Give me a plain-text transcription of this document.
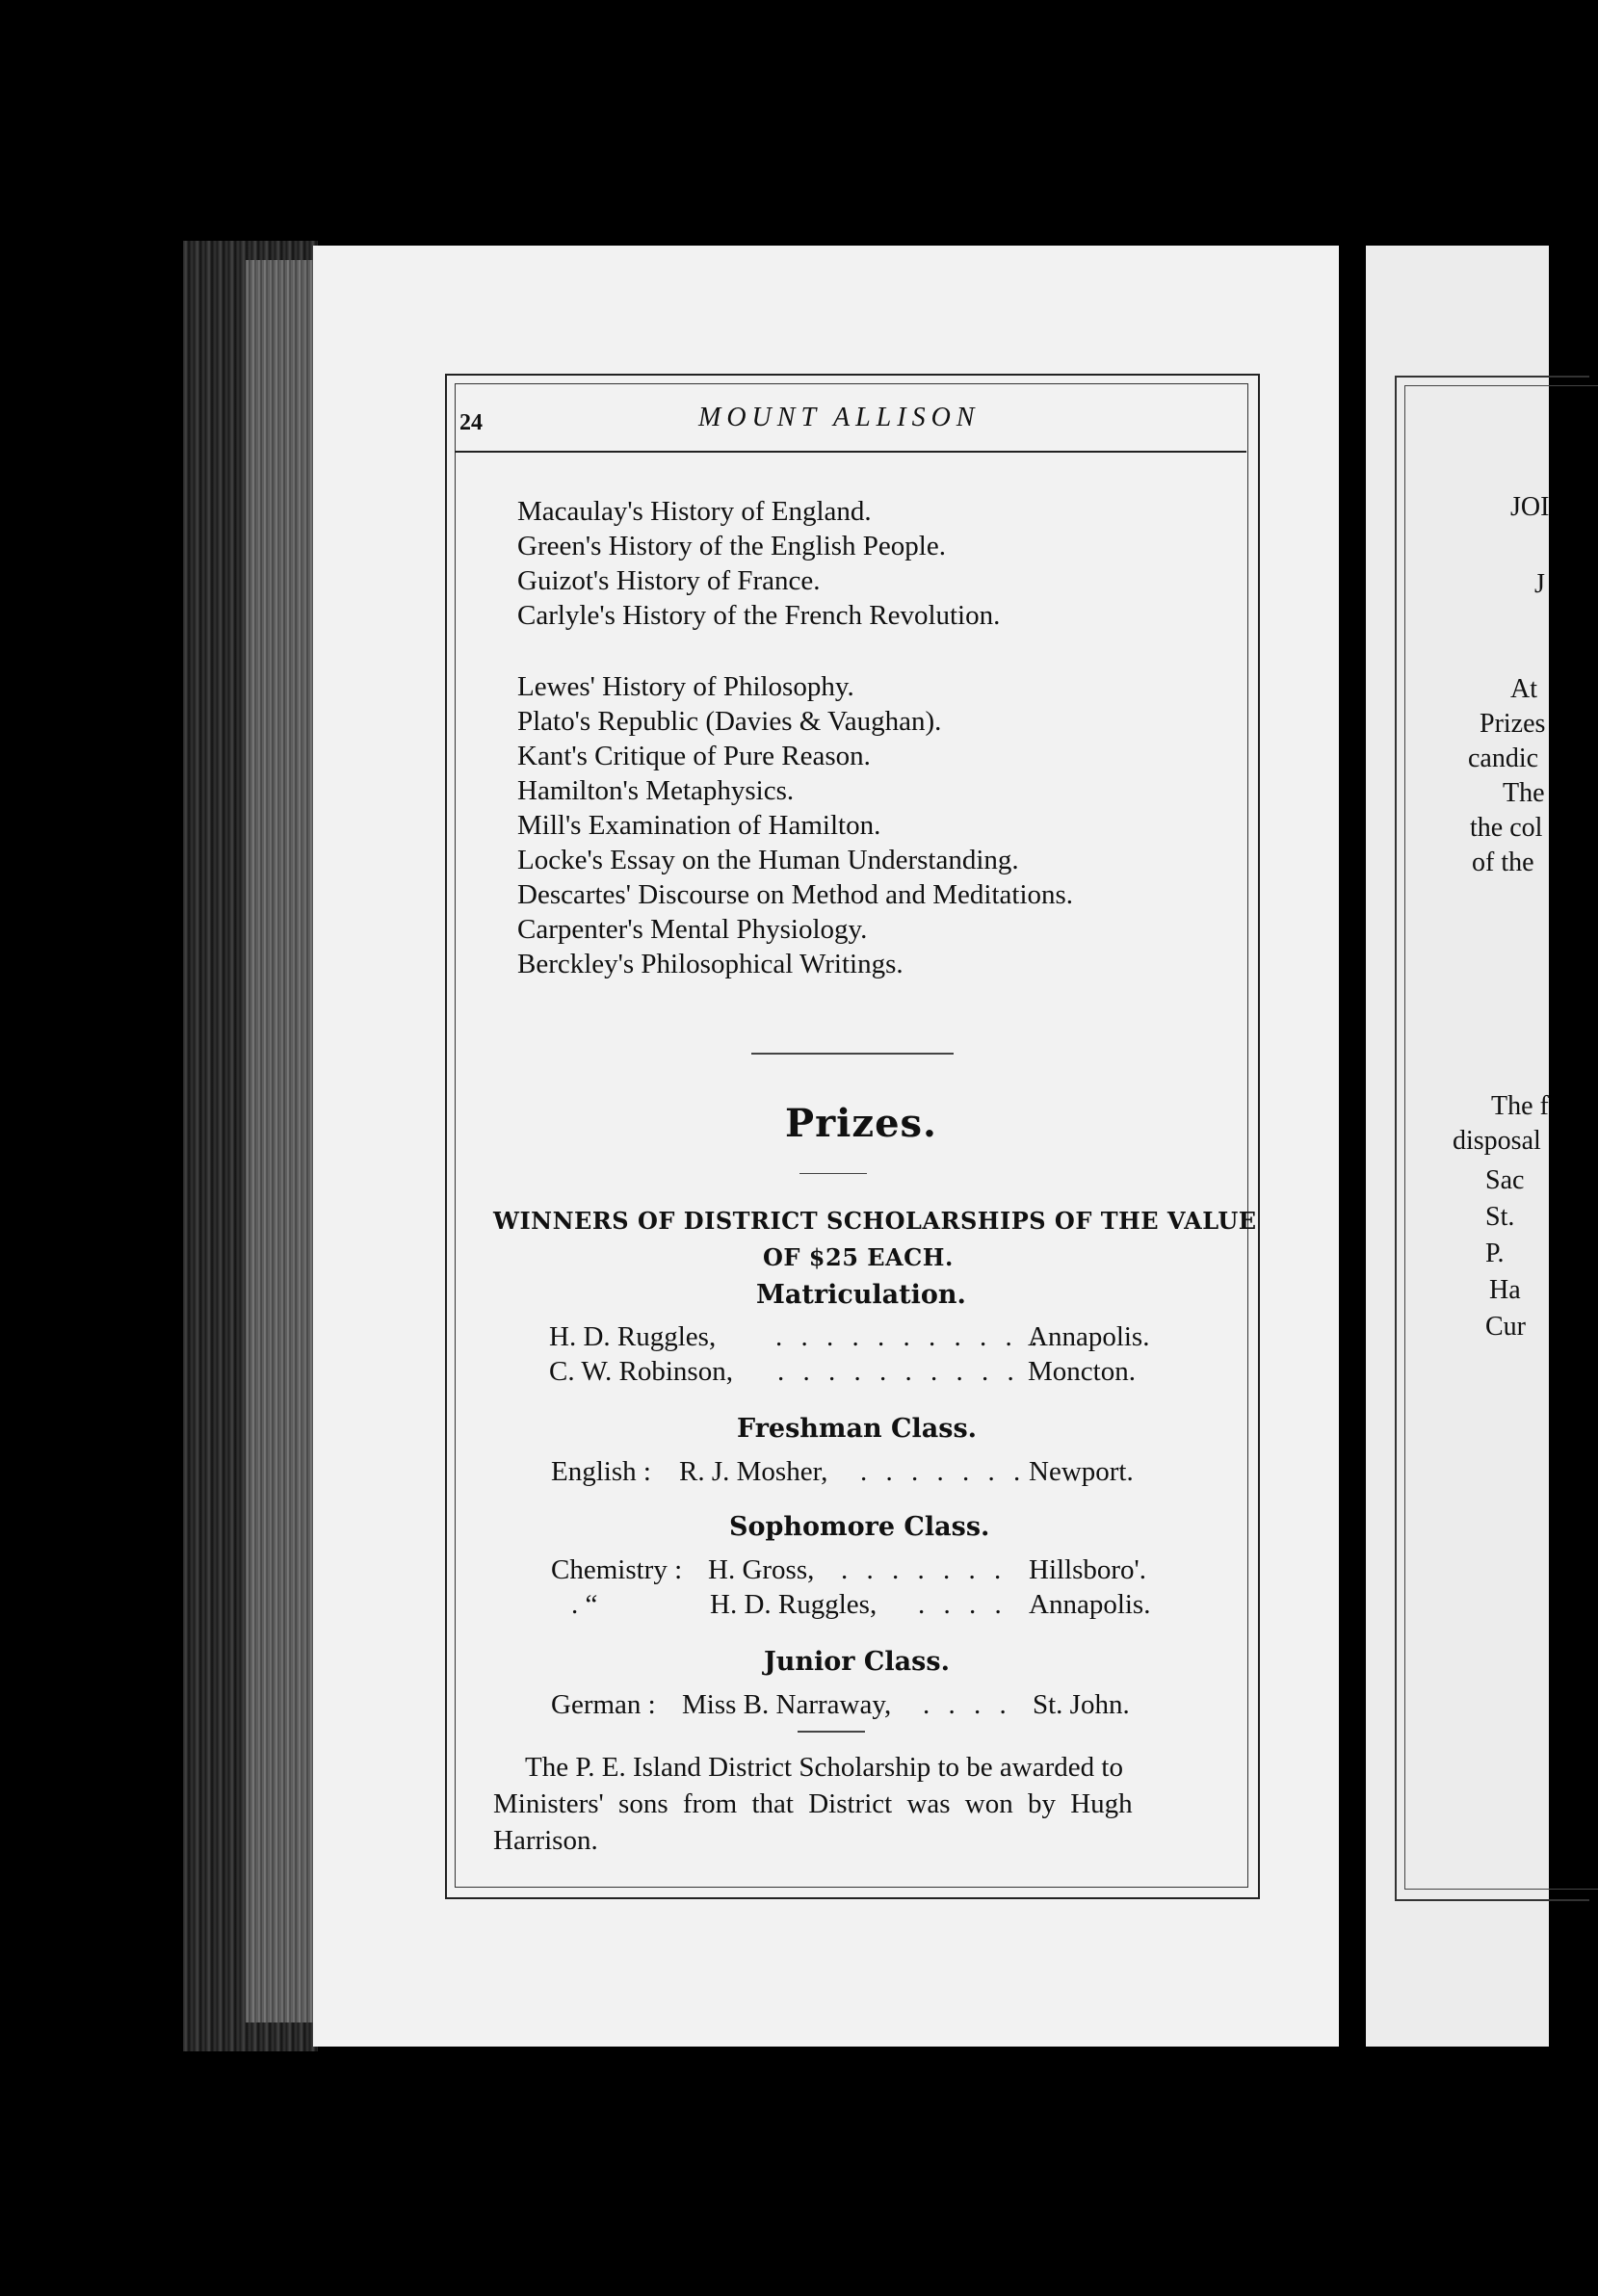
24	MOUNT ALLISON
Macaulay's History of England.
Green's History of the English People.
Guizot's History of France.
Carlyle's History of the French Revolution.
Lewes' History of Philosophy.
Plato's Republic (Davies & Vaughan).
Kant's Critique of Pure Reason.
Hamilton's Metaphysics.
Mill's Examination of Hamilton.
Locke's Essay on the Human Understanding.
Descartes' Discourse on Method and Meditations.
Carpenter's Mental Physiology.
Berckley's Philosophical Writings.
Prizes.
WINNERS OF DISTRICT SCHOLARSHIPS OF THE VALUE
OF $25 EACH.
Matriculation.
H. D. Ruggles, . . . . . . . . . . .
Annapolis.
C. W. Robinson, . . . . . . . . . . Moncton.
Freshman Class.
English : R. J. Mosher, . . . . . . . Newport.
Sophomore Class.
Chemistry : H. Gross, . . . . . . . Hillsboro'.
. “	H. D. Ruggles, . . . . Annapolis.
Junior Class.
German : Miss B. Narraway, . . . . St. John.
The P. E. Island District Scholarship to be awarded to
Ministers' sons from that District was won by Hugh
Harrison.
JOI
J
At
Prizes
candic
The
the col
of the
The f
disposal
Sac
St.
P.
Ha
Cur
